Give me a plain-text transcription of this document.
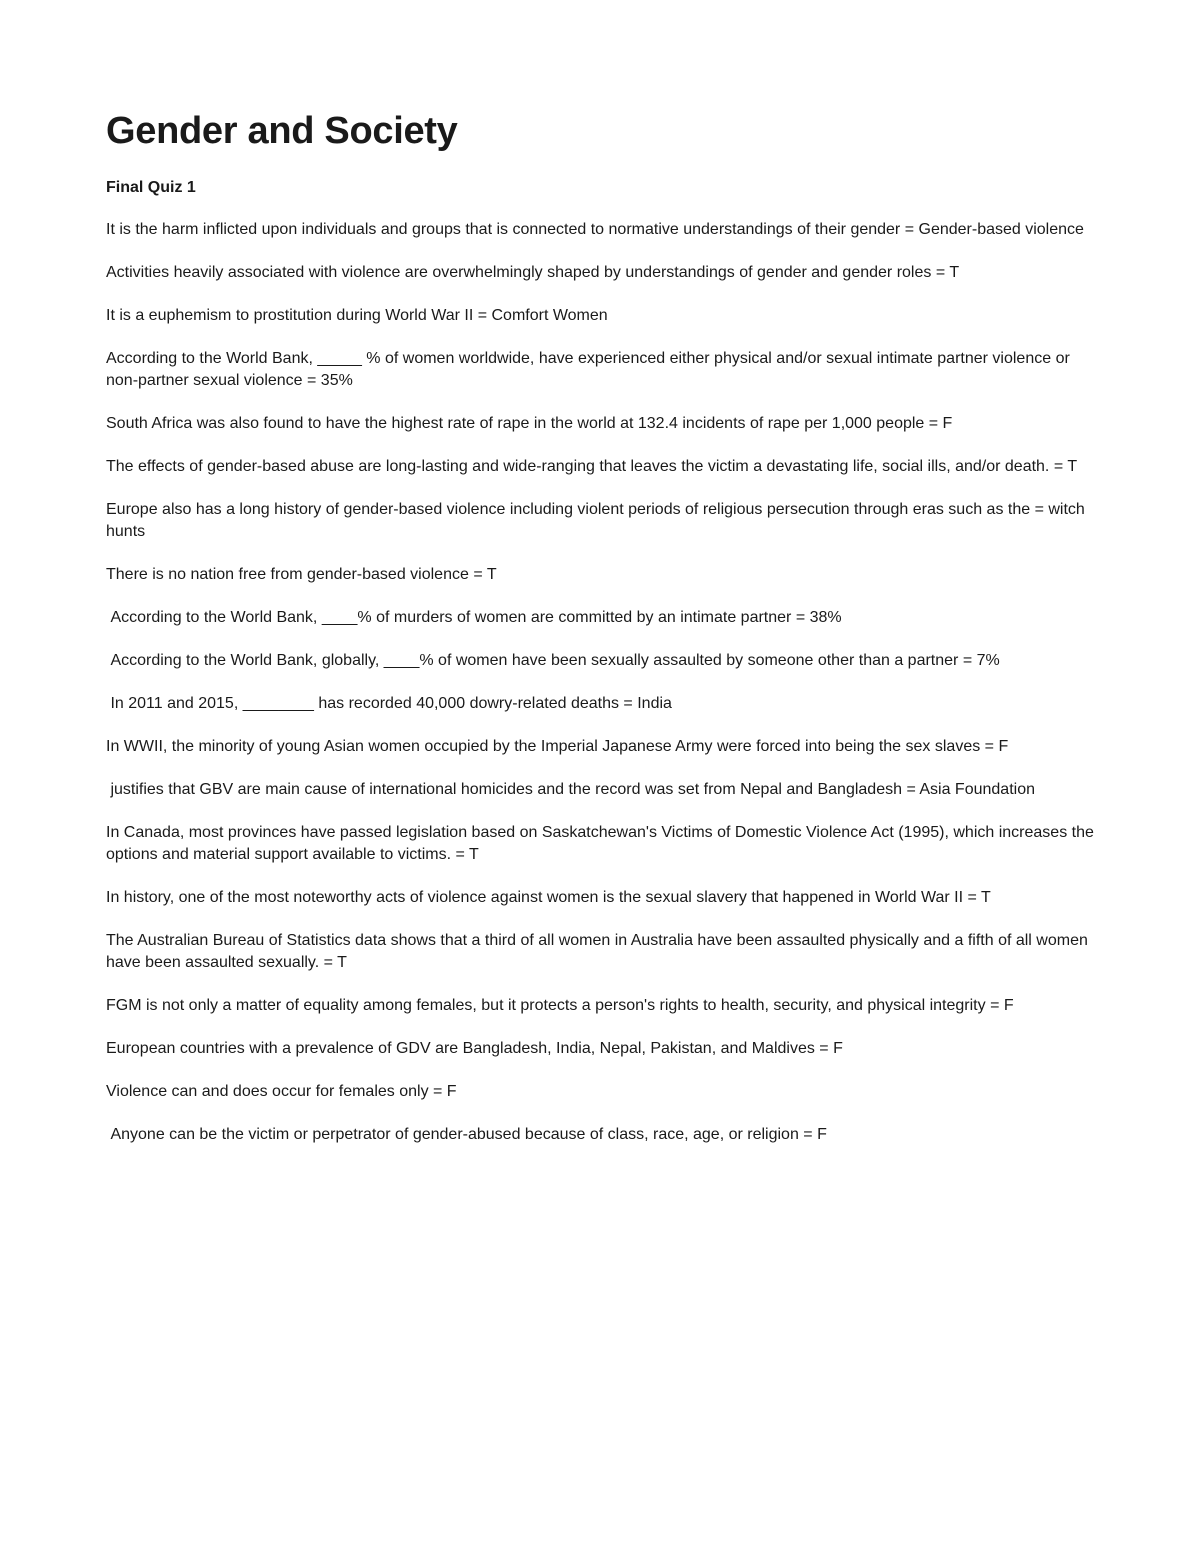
Gender and Society
Final Quiz 1
It is the harm inflicted upon individuals and groups that is connected to normative understandings of their gender = Gender-based violence
Activities heavily associated with violence are overwhelmingly shaped by understandings of gender and gender roles = T
It is a euphemism to prostitution during World War II = Comfort Women
According to the World Bank, _____ % of women worldwide, have experienced either physical and/or sexual intimate partner violence or non-partner sexual violence = 35%
South Africa was also found to have the highest rate of rape in the world at 132.4 incidents of rape per 1,000 people = F
The effects of gender-based abuse are long-lasting and wide-ranging that leaves the victim a devastating life, social ills, and/or death. = T
Europe also has a long history of gender-based violence including violent periods of religious persecution through eras such as the = witch hunts
There is no nation free from gender-based violence = T
According to the World Bank, ____% of murders of women are committed by an intimate partner = 38%
According to the World Bank, globally, ____% of women have been sexually assaulted by someone other than a partner = 7%
In 2011 and 2015, ________ has recorded 40,000 dowry-related deaths = India
In WWII, the minority of young Asian women occupied by the Imperial Japanese Army were forced into being the sex slaves = F
justifies that GBV are main cause of international homicides and the record was set from Nepal and Bangladesh = Asia Foundation
In Canada, most provinces have passed legislation based on Saskatchewan's Victims of Domestic Violence Act (1995), which increases the options and material support available to victims. = T
In history, one of the most noteworthy acts of violence against women is the sexual slavery that happened in World War II = T
The Australian Bureau of Statistics data shows that a third of all women in Australia have been assaulted physically and a fifth of all women have been assaulted sexually. = T
FGM is not only a matter of equality among females, but it protects a person's rights to health, security, and physical integrity = F
European countries with a prevalence of GDV are Bangladesh, India, Nepal, Pakistan, and Maldives = F
Violence can and does occur for females only = F
Anyone can be the victim or perpetrator of gender-abused because of class, race, age, or religion = F
